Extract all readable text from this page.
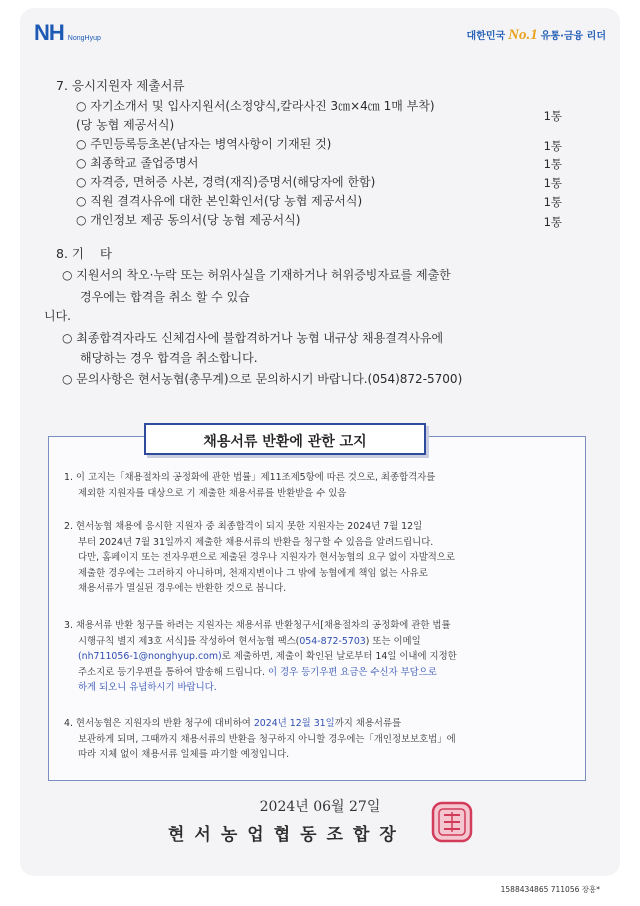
NH NongHyup	대한민국 No.1 유통·금융 리더
7. 응시지원자 제출서류
○ 자기소개서 및 입사지원서(소정양식,칼라사진 3㎝×4㎝ 1매 부착)
(당 농협 제공서식)
1통
○ 주민등록등초본(남자는 병역사항이 기재된 것)	1통
○ 최종학교 졸업증명서	1통
○ 자격증, 면허증 사본, 경력(재직)증명서(해당자에 한함)	1통
○ 직원 결격사유에 대한 본인확인서(당 농협 제공서식)	1통
○ 개인정보 제공 동의서(당 농협 제공서식)	1통
8. 기    타
○ 지원서의 착오·누락 또는 허위사실을 기재하거나 허위증빙자료를 제출한
경우에는 합격을 취소 할 수 있습
니다.
○ 최종합격자라도 신체검사에 불합격하거나 농협 내규상 채용결격사유에
해당하는 경우 합격을 취소합니다.
○ 문의사항은 현서농협(총무계)으로 문의하시기 바랍니다.(054)872-5700)
채용서류 반환에 관한 고지
1. 이 고지는「채용절차의 공정화에 관한 법률」제11조제5항에 따른 것으로, 최종합격자를
제외한 지원자를 대상으로 기 제출한 채용서류를 반환받을 수 있음
2. 현서농협 채용에 응시한 지원자 중 최종합격이 되지 못한 지원자는 2024년 7월 12일
부터 2024년 7월 31일까지 제출한 채용서류의 반환을 청구할 수 있음을 알려드립니다.
다만, 홈페이지 또는 전자우편으로 제출된 경우나 지원자가 현서농협의 요구 없이 자발적으로
제출한 경우에는 그러하지 아니하며, 천재지변이나 그 밖에 농협에게 책임 없는 사유로
채용서류가 멸실된 경우에는 반환한 것으로 봅니다.
3. 채용서류 반환 청구를 하려는 지원자는 채용서류 반환청구서[채용절차의 공정화에 관한 법률
시행규칙 별지 제3호 서식]를 작성하여 현서농협 팩스(054-872-5703) 또는 이메일
(nh711056-1@nonghyup.com)로 제출하면, 제출이 확인된 날로부터 14일 이내에 지정한
주소지로 등기우편을 통하여 발송해 드립니다. 이 경우 등기우편 요금은 수신자 부담으로
하게 되오니 유념하시기 바랍니다.
4. 현서농협은 지원자의 반환 청구에 대비하여 2024년 12월 31일까지 채용서류를
보관하게 되며, 그때까지 채용서류의 반환을 청구하지 아니할 경우에는「개인정보보호법」에
따라 지체 없이 채용서류 일체를 파기할 예정입니다.
2024년 06월 27일
현서농업협동조합장
1588434865 711056 장흥*
